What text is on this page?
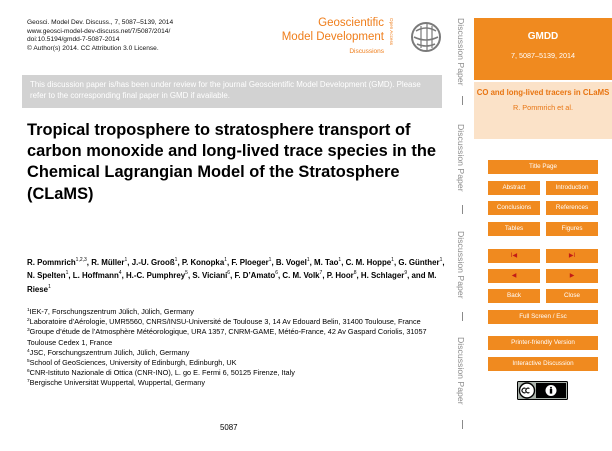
Geosci. Model Dev. Discuss., 7, 5087–5139, 2014
www.geosci-model-dev-discuss.net/7/5087/2014/
doi:10.5194/gmdd-7-5087-2014
© Author(s) 2014. CC Attribution 3.0 License.
Geoscientific
Model Development
Discussions
Open Access
This discussion paper is/has been under review for the journal Geoscientific Model Development (GMD). Please refer to the corresponding final paper in GMD if available.
Tropical troposphere to stratosphere transport of carbon monoxide and long-lived trace species in the Chemical Lagrangian Model of the Stratosphere (CLaMS)
R. Pommrich$^{1,2,3}$, R. Müller$^1$, J.-U. Grooß$^1$, P. Konopka$^1$, F. Ploeger$^1$, B. Vogel$^1$, M. Tao$^1$, C. M. Hoppe$^1$, G. Günther$^1$, N. Spelten$^1$, L. Hoffmann$^4$, H.-C. Pumphrey$^5$, S. Viciani$^6$, F. D’Amato$^6$, C. M. Volk$^7$, P. Hoor$^8$, H. Schlager$^9$, and M. Riese$^1$
$^1$IEK-7, Forschungszentrum Jülich, Jülich, Germany
$^2$Laboratoire d’Aérologie, UMR5560, CNRS/INSU-Université de Toulouse 3, 14 Av Edouard Belin, 31400 Toulouse, France
$^3$Groupe d’étude de l’Atmosphère Météorologique, URA 1357, CNRM-GAME, Météo-France, 42 Av Gaspard Coriolis, 31057 Toulouse Cedex 1, France
$^4$JSC, Forschungszentrum Jülich, Jülich, Germany
$^5$School of GeoSciences, University of Edinburgh, Edinburgh, UK
$^6$CNR-Istituto Nazionale di Ottica (CNR-INO), L. go E. Fermi 6, 50125 Firenze, Italy
$^7$Bergische Universität Wuppertal, Wuppertal, Germany
5087
Discussion Paper
Discussion Paper
Discussion Paper
Discussion Paper
GMDD
7, 5087–5139, 2014
CO and long-lived tracers in CLaMS
R. Pommrich et al.
Title Page
Abstract	Introduction
Conclusions	References
Tables	Figures
I◀	▶I
◀	▶
Back	Close
Full Screen / Esc
Printer-friendly Version
Interactive Discussion
